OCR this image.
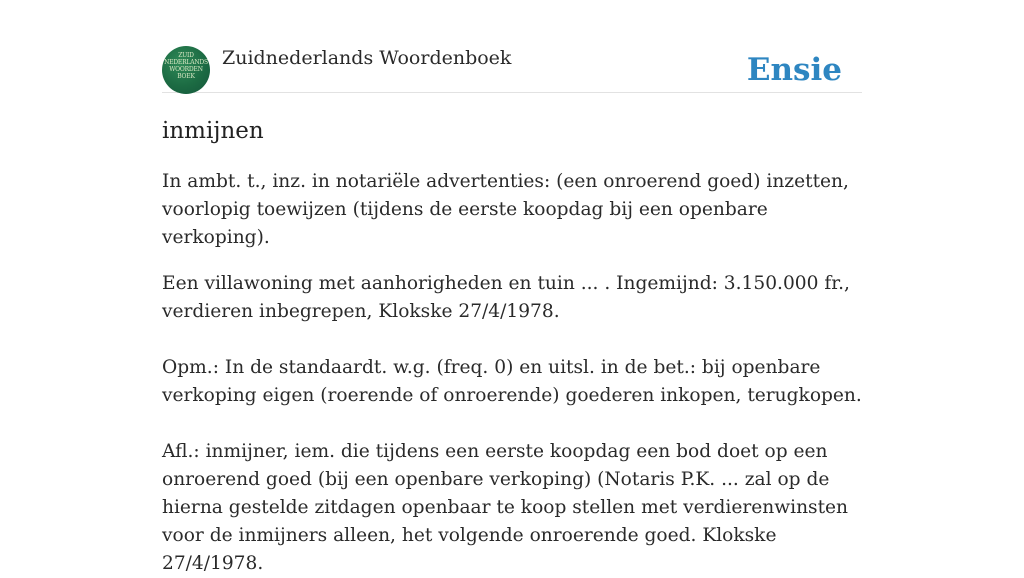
ZUID
NEDERLANDS
WOORDEN
BOEK
Zuidnederlands Woordenboek	Ensie
inmijnen

In ambt. t., inz. in notariële advertenties: (een onroerend goed) inzetten, voorlopig toewijzen (tijdens de eerste koopdag bij een openbare verkoping).

Een villawoning met aanhorigheden en tuin ... . Ingemijnd: 3.150.000 fr., verdieren inbegrepen, Klokske 27/4/1978.

Opm.: In de standaardt. w.g. (freq. 0) en uitsl. in de bet.: bij openbare verkoping eigen (roerende of onroerende) goederen inkopen, terugkopen.

Afl.: inmijner, iem. die tijdens een eerste koopdag een bod doet op een onroerend goed (bij een openbare verkoping) (Notaris P.K. ... zal op de hierna gestelde zitdagen openbaar te koop stellen met verdierenwinsten voor de inmijners alleen, het volgende onroerende goed. Klokske 27/4/1978.
